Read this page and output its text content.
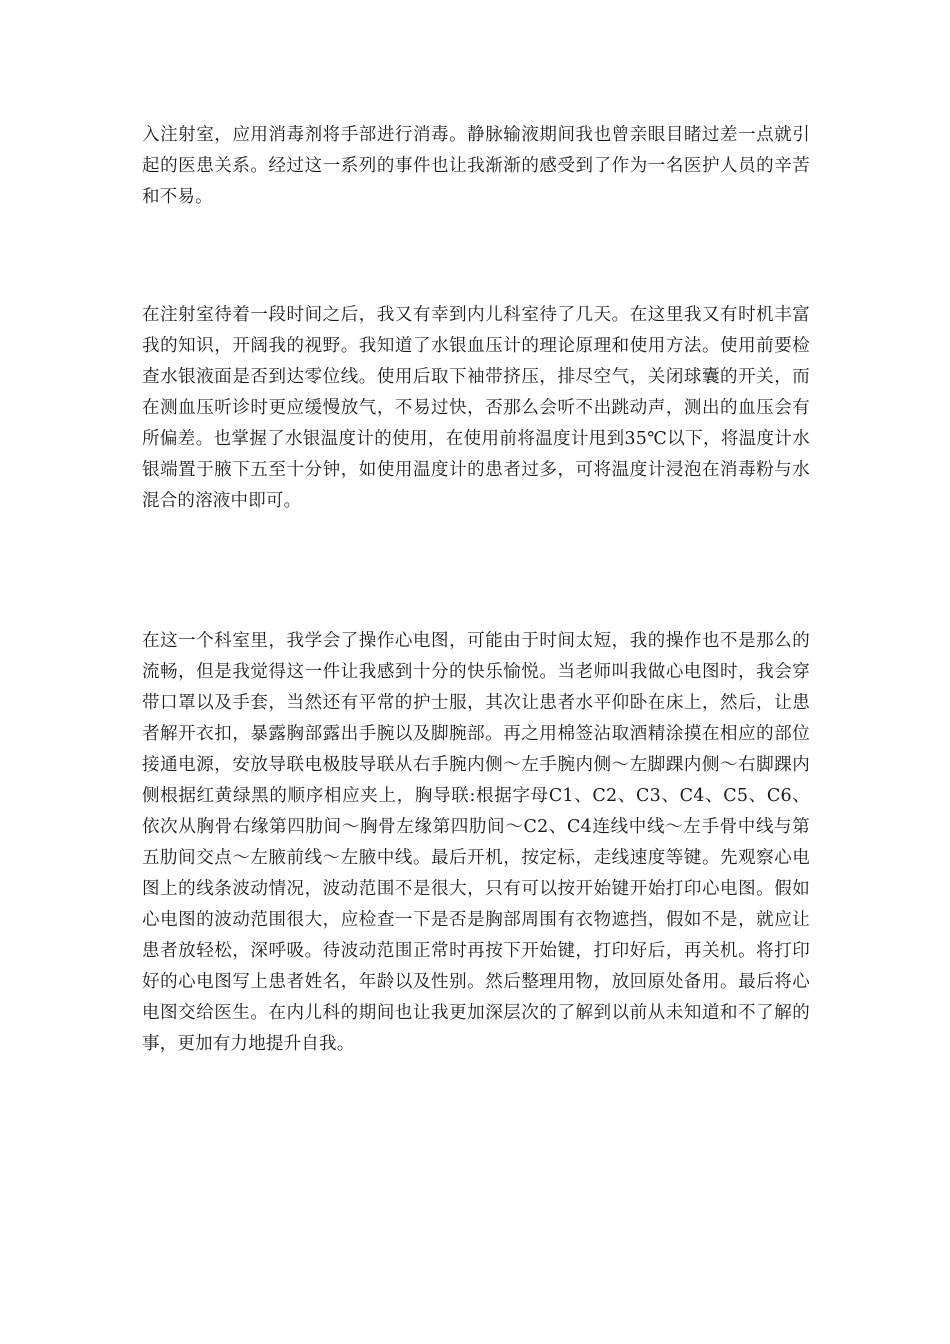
入注射室，应用消毒剂将手部进行消毒。静脉输液期间我也曾亲眼目睹过差一点就引起的医患关系。经过这一系列的事件也让我渐渐的感受到了作为一名医护人员的辛苦和不易。
在注射室待着一段时间之后，我又有幸到内儿科室待了几天。在这里我又有时机丰富我的知识，开阔我的视野。我知道了水银血压计的理论原理和使用方法。使用前要检查水银液面是否到达零位线。使用后取下袖带挤压，排尽空气，关闭球囊的开关，而在测血压听诊时更应缓慢放气，不易过快，否那么会听不出跳动声，测出的血压会有所偏差。也掌握了水银温度计的使用，在使用前将温度计甩到35℃以下，将温度计水银端置于腋下五至十分钟，如使用温度计的患者过多，可将温度计浸泡在消毒粉与水混合的溶液中即可。
在这一个科室里，我学会了操作心电图，可能由于时间太短，我的操作也不是那么的流畅，但是我觉得这一件让我感到十分的快乐愉悦。当老师叫我做心电图时，我会穿带口罩以及手套，当然还有平常的护士服，其次让患者水平仰卧在床上，然后，让患者解开衣扣，暴露胸部露出手腕以及脚腕部。再之用棉签沾取酒精涂摸在相应的部位接通电源，安放导联电极肢导联从右手腕内侧～左手腕内侧～左脚踝内侧～右脚踝内侧根据红黄绿黑的顺序相应夹上，胸导联:根据字母C1、C2、C3、C4、C5、C6、依次从胸骨右缘第四肋间～胸骨左缘第四肋间～C2、C4连线中线～左手骨中线与第五肋间交点～左腋前线～左腋中线。最后开机，按定标，走线速度等键。先观察心电图上的线条波动情况，波动范围不是很大，只有可以按开始键开始打印心电图。假如心电图的波动范围很大，应检查一下是否是胸部周围有衣物遮挡，假如不是，就应让患者放轻松，深呼吸。待波动范围正常时再按下开始键，打印好后，再关机。将打印好的心电图写上患者姓名，年龄以及性别。然后整理用物，放回原处备用。最后将心电图交给医生。在内儿科的期间也让我更加深层次的了解到以前从未知道和不了解的事，更加有力地提升自我。
